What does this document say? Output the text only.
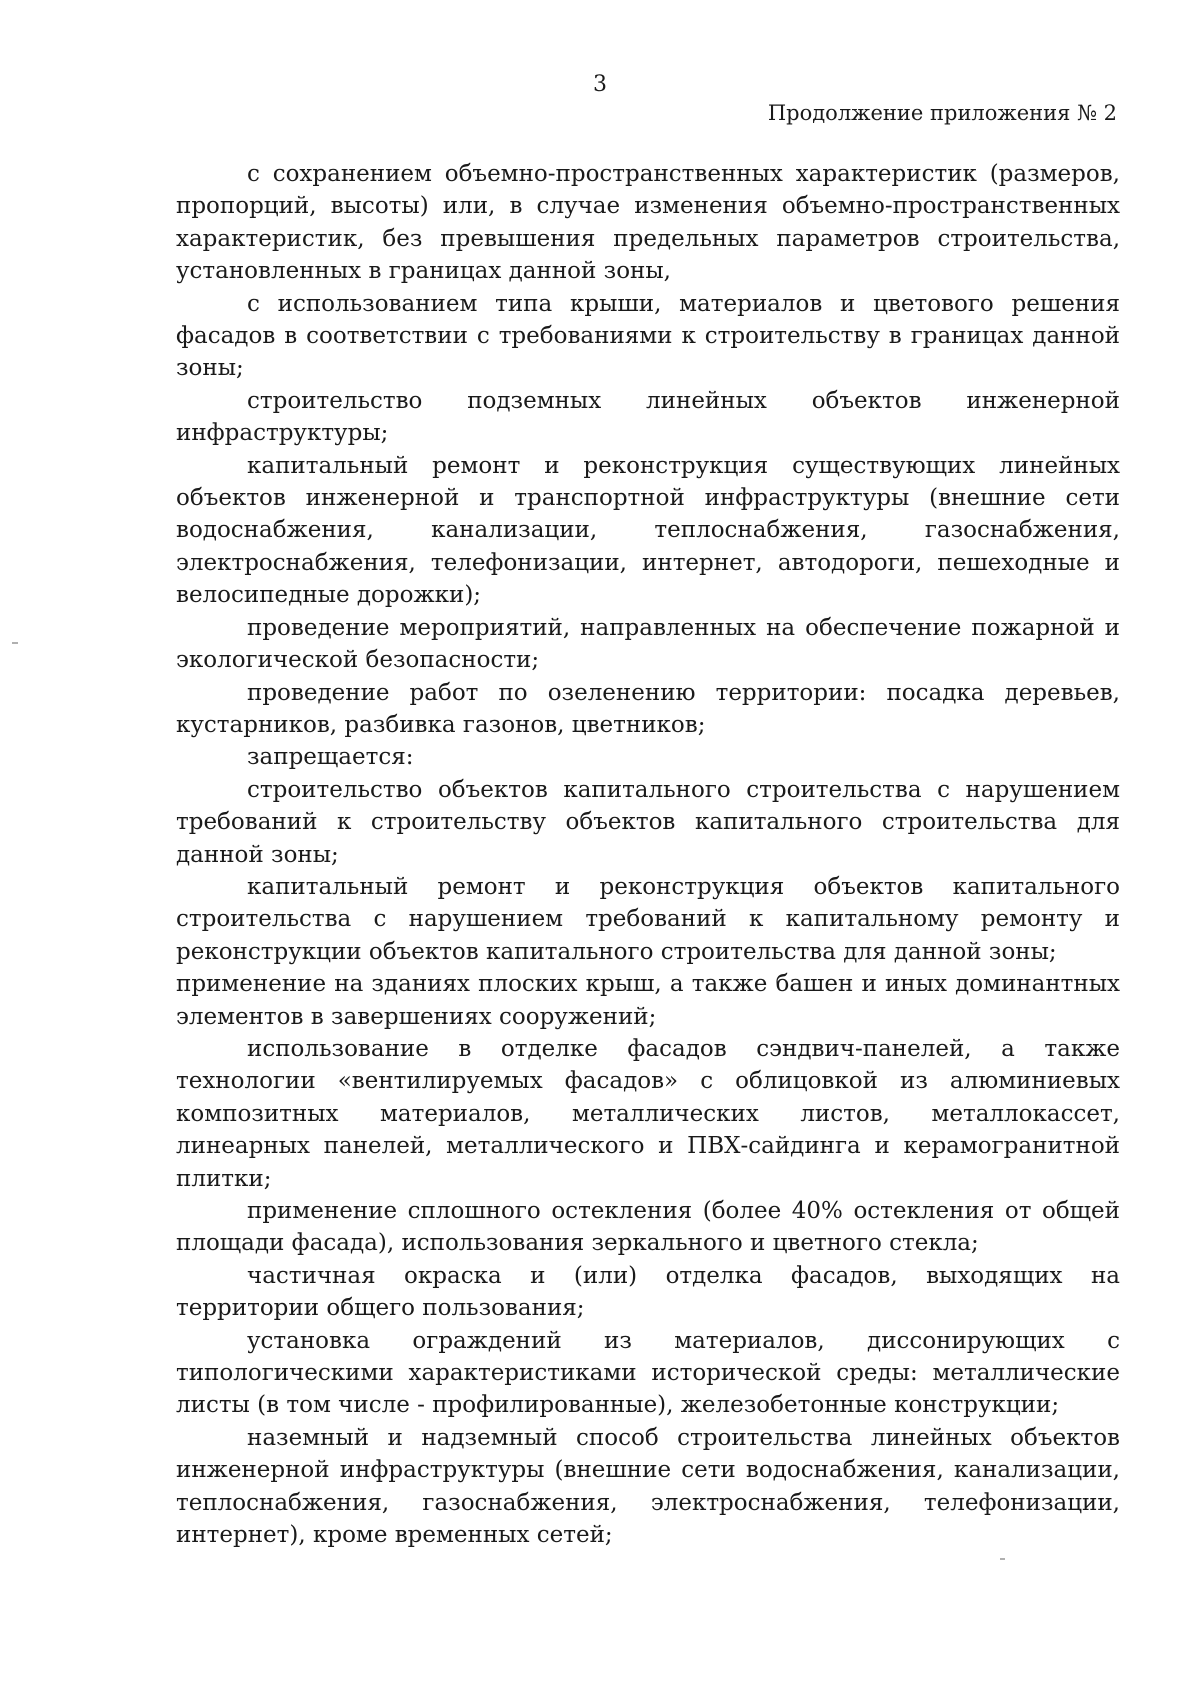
3
Продолжение приложения № 2

с сохранением объемно-пространственных характеристик (размеров, пропорций, высоты) или, в случае изменения объемно-пространственных характеристик, без превышения предельных параметров строительства, установленных в границах данной зоны,

с использованием типа крыши, материалов и цветового решения фасадов в соответствии с требованиями к строительству в границах данной зоны;

строительство подземных линейных объектов инженерной инфраструктуры;

капитальный ремонт и реконструкция существующих линейных объектов инженерной и транспортной инфраструктуры (внешние сети водоснабжения, канализации, теплоснабжения, газоснабжения, электроснабжения, телефонизации, интернет, автодороги, пешеходные и велосипедные дорожки);

проведение мероприятий, направленных на обеспечение пожарной и экологической безопасности;

проведение работ по озеленению территории: посадка деревьев, кустарников, разбивка газонов, цветников;

запрещается:

строительство объектов капитального строительства с нарушением требований к строительству объектов капитального строительства для данной зоны;

капитальный ремонт и реконструкция объектов капитального строительства с нарушением требований к капитальному ремонту и реконструкции объектов капитального строительства для данной зоны;

применение на зданиях плоских крыш, а также башен и иных доминантных элементов в завершениях сооружений;

использование в отделке фасадов сэндвич-панелей, а также технологии «вентилируемых фасадов» с облицовкой из алюминиевых композитных материалов, металлических листов, металлокассет, линеарных панелей, металлического и ПВХ-сайдинга и керамогранитной плитки;

применение сплошного остекления (более 40% остекления от общей площади фасада), использования зеркального и цветного стекла;

частичная окраска и (или) отделка фасадов, выходящих на территории общего пользования;

установка ограждений из материалов, диссонирующих с типологическими характеристиками исторической среды: металлические листы (в том числе - профилированные), железобетонные конструкции;

наземный и надземный способ строительства линейных объектов инженерной инфраструктуры (внешние сети водоснабжения, канализации, теплоснабжения, газоснабжения, электроснабжения, телефонизации, интернет), кроме временных сетей;
